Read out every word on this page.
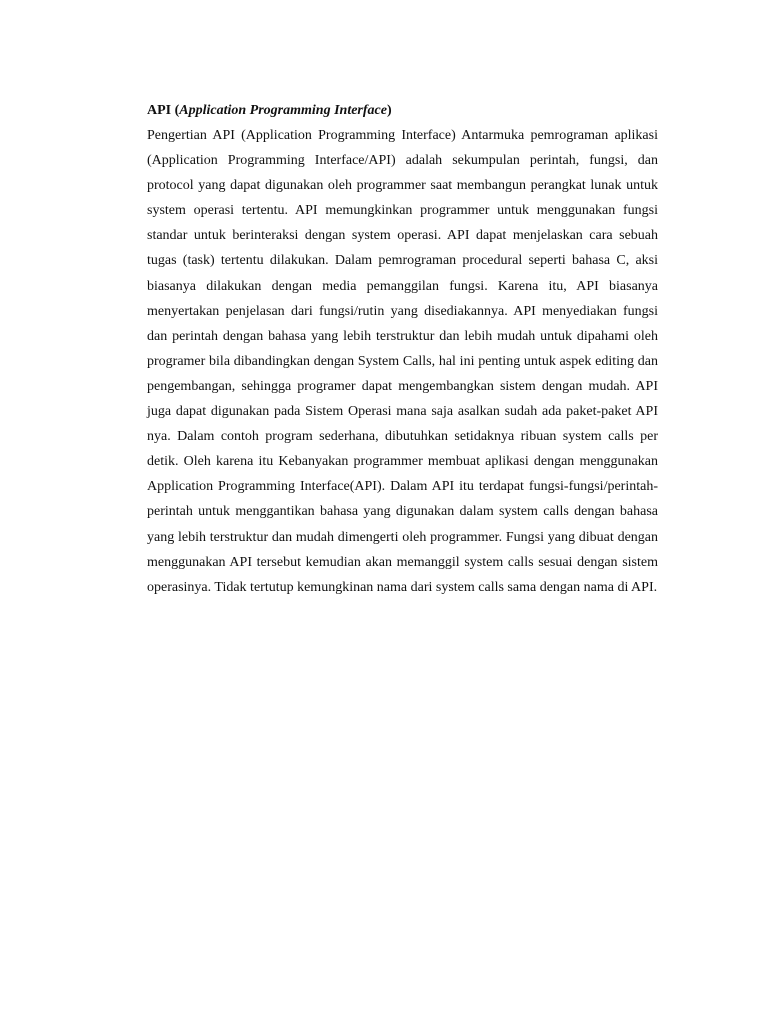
API (Application Programming Interface)

Pengertian API (Application Programming Interface) Antarmuka pemrograman aplikasi (Application Programming Interface/API) adalah sekumpulan perintah, fungsi, dan protocol yang dapat digunakan oleh programmer saat membangun perangkat lunak untuk system operasi tertentu. API memungkinkan programmer untuk menggunakan fungsi standar untuk berinteraksi dengan system operasi. API dapat menjelaskan cara sebuah tugas (task) tertentu dilakukan. Dalam pemrograman procedural seperti bahasa C, aksi biasanya dilakukan dengan media pemanggilan fungsi. Karena itu, API biasanya menyertakan penjelasan dari fungsi/rutin yang disediakannya. API menyediakan fungsi dan perintah dengan bahasa yang lebih terstruktur dan lebih mudah untuk dipahami oleh programer bila dibandingkan dengan System Calls, hal ini penting untuk aspek editing dan pengembangan, sehingga programer dapat mengembangkan sistem dengan mudah. API juga dapat digunakan pada Sistem Operasi mana saja asalkan sudah ada paket-paket API nya. Dalam contoh program sederhana, dibutuhkan setidaknya ribuan system calls per detik. Oleh karena itu Kebanyakan programmer membuat aplikasi dengan menggunakan Application Programming Interface(API). Dalam API itu terdapat fungsi-fungsi/perintah-perintah untuk menggantikan bahasa yang digunakan dalam system calls dengan bahasa yang lebih terstruktur dan mudah dimengerti oleh programmer. Fungsi yang dibuat dengan menggunakan API tersebut kemudian akan memanggil system calls sesuai dengan sistem operasinya. Tidak tertutup kemungkinan nama dari system calls sama dengan nama di API.
